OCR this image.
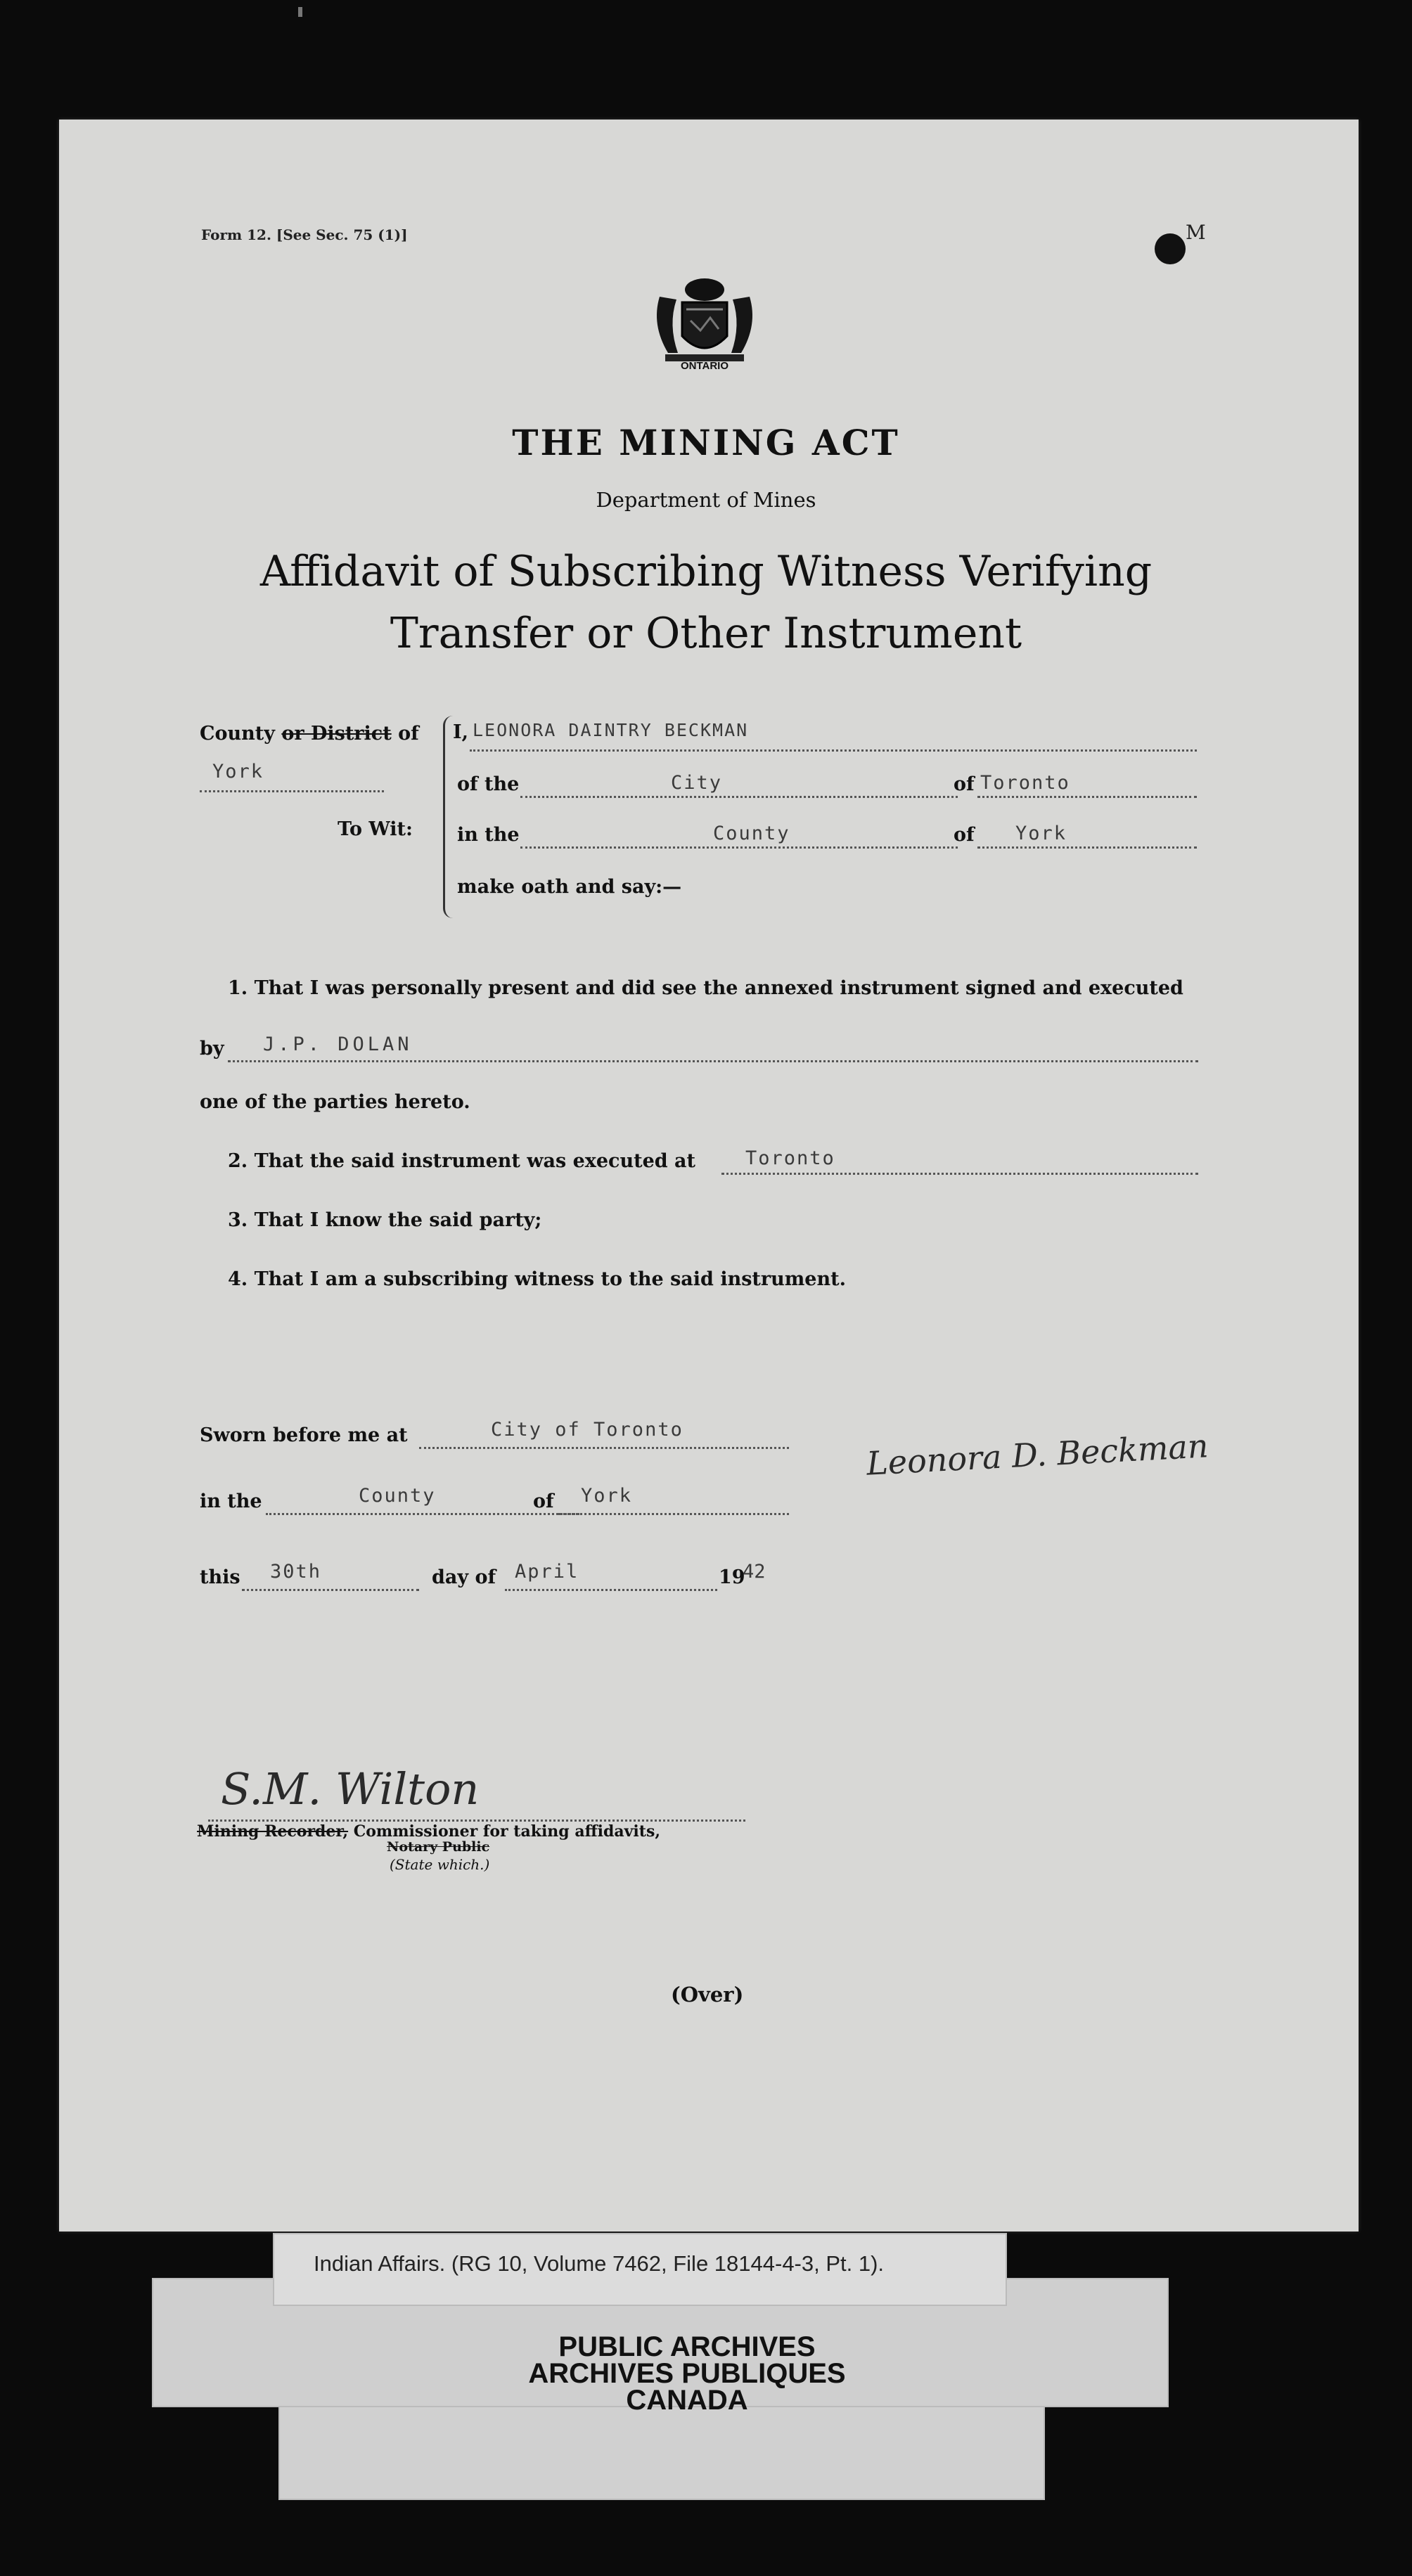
Form 12. [See Sec. 75 (1)]	M
ONTARIO
THE MINING ACT
Department of Mines
Affidavit of Subscribing Witness Verifying
Transfer or Other Instrument
County or District of
York
To Wit:
I, LEONORA DAINTRY BECKMAN
of the	City	of Toronto
in the	County	of York
make oath and say:—
1. That I was personally present and did see the annexed instrument signed and executed
by J.P. DOLAN
one of the parties hereto.
2. That the said instrument was executed at	Toronto
3. That I know the said party;
4. That I am a subscribing witness to the said instrument.
Sworn before me at	City of Toronto
in the	County	of York
this 30th	day of April	19
42
Leonora D. Beckman
S.M. Wilton
Mining Recorder, Commissioner for taking affidavits,
Notary Public
(State which.)
(Over)
Indian Affairs. (RG 10, Volume 7462, File 18144-4-3, Pt. 1).
PUBLIC ARCHIVES
ARCHIVES PUBLIQUES
CANADA
